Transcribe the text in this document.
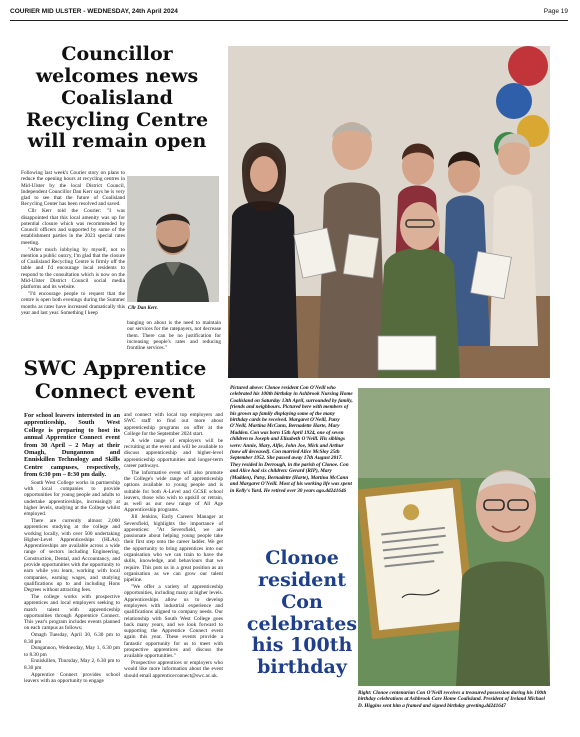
COURIER MID ULSTER - WEDNESDAY, 24th April 2024	Page 19
Councillor welcomes news Coalisland Recycling Centre will remain open

Following last week's Courier story on plans to reduce the opening hours at recycling centres in Mid-Ulster by the local District Council, Independent Councillor Dan Kerr says he is very glad to see that the future of Coalisland Recycling Center has been resolved and saved.

Cllr Kerr told the Courier: "I was disappointed that this local amenity was up for potential closure which was recommended by Council officers and supported by some of the establishment parties in the 2023 special rates meeting.

"After much lobbying by myself, not to mention a public outcry, I'm glad that the closure of Coalisland Recycling Centre is firmly off the table and I'd encourage local residents to respond to the consultation which is now on the Mid-Ulster District Council social media platforms and its website.

"I'd encourage people to request that the centre is open both evenings during the Summer months as rates have increased dramatically this year and last year. Something I keep

Cllr Dan Kerr.

banging on about is the need to maintain our services for the ratepayers, not decrease them. There can be no justification for increasing people's rates and reducing frontline services."

SWC Apprentice Connect event

For school leavers interested in an apprenticeship, South West College is preparing to host its annual Apprentice Connect event from 30 April – 2 May at their Omagh, Dungannon and Enniskillen Technology and Skills Centre campuses, respectively, from 6:30 pm – 8:30 pm daily.

South West College works in partnership with local companies to provide opportunities for young people and adults to undertake apprenticeships, increasingly at higher levels, studying at the College whilst employed.

There are currently almost 2,000 apprentices studying at the college and working locally, with over 500 undertaking Higher-Level Apprenticeships (HLAs). Apprenticeships are available across a wide range of sectors including Engineering, Construction, Dental, and Accountancy, and provide opportunities with the opportunity to earn while you learn, working with local companies, earning wages, and studying qualifications up to and including Hons Degrees without attracting fees.

The college works with prospective apprentices and local employers seeking to match talent with apprenticeship opportunities through Apprentice Connect. This year's program includes events planned on each campus as follows;

Omagh Tuesday, April 30, 6.30 pm to 8.30 pm

Dungannon, Wednesday, May 1, 6.30 pm to 8.30 pm

Enniskillen, Thursday, May 2, 6.30 pm to 8.30 pm

Apprentice Connect provides school leavers with an opportunity to engage

and connect with local top employers and SWC staff to find out more about apprenticeship programs on offer at the College for the September 2024 start.

A wide range of employers will be recruiting at the event and will be available to discuss apprenticeship and higher-level apprenticeship opportunities and longer-term career pathways.

The informative event will also promote the College's wide range of apprenticeship options available to young people and is suitable for both A-Level and GCSE school leavers, those who wish to upskill or retrain, as well as our new range of All Age Apprenticeship programs.

Jill Jenkins, Early Careers Manager at Seversfield, highlights the importance of apprentices: "At Seversfield, we are passionate about helping young people take their first step onto the career ladder. We get the opportunity to bring apprentices into our organisation who we can train to have the skills, knowledge, and behaviours that we require. This puts us in a great position as an organisation as we can grow our talent pipeline.

"We offer a variety of apprenticeship opportunities, including many at higher levels. Apprenticeships allow us to develop employees with industrial experience and qualifications aligned to company needs. Our relationship with South West College goes back many years, and we look forward to supporting the Apprentice Connect event again this year. These events provide a fantastic opportunity for us to meet with prospective apprentices and discuss the available opportunities."

Prospective apprentices or employers who would like more information about the event should email apprenticeconnect@swc.ac.uk.

Pictured above: Clonoe resident Con O'Neill who celebrated his 100th birthday in Ashbrook Nursing Home Coalisland on Saturday 13th April, surrounded by family, friends and neighbours. Pictured here with members of his grown up family displaying some of the many birthday cards he received. Margaret O'Neill, Patsy O'Neill, Martina McCann, Bernadette Harte, Mary Madden. Con was born 15th April 1924, one of seven children to Joseph and Elizabeth O'Neill. His siblings were: Annie, Mary, Alfie, John Joe, Mick and Arthur (now all deceased). Con married Alice McSloy 25th September 1952. She passed away 17th August 2017. They resided in Derrough, in the parish of Clonoe. Con and Alice had six children: Gerard (RIP), Mary (Madden), Patsy, Bernadette (Harte), Martina McCann and Margaret O'Neill. Most of his working life was spent in Kelly's Yard. He retired over 30 years ago.dd241646
Clonoe resident Con celebrates his 100th birthday
Right: Clonoe centenarian Con O'Neill receives a treasured possession during his 100th birthday celebrations at Ashbrook Care Home Coalisland. President of Ireland Michael D. Higgins sent him a framed and signed birthday greeting.dd241647
